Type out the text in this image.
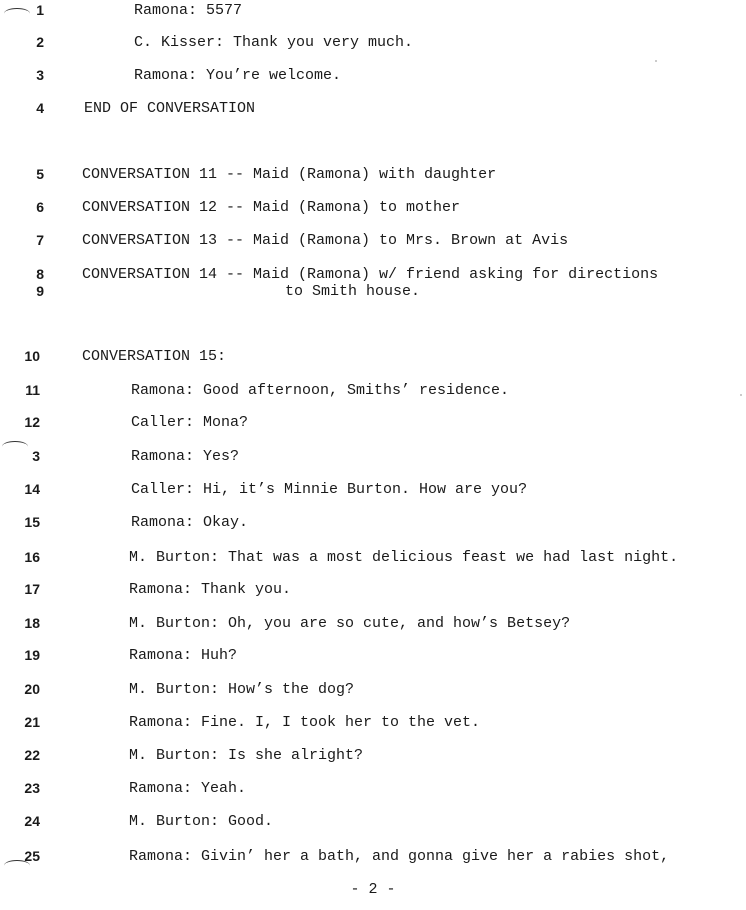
1	Ramona: 5577
2	C. Kisser: Thank you very much.
3	Ramona: You’re welcome.
4	END OF CONVERSATION
5	CONVERSATION 11 -- Maid (Ramona) with daughter
6	CONVERSATION 12 -- Maid (Ramona) to mother
7	CONVERSATION 13 -- Maid (Ramona) to Mrs. Brown at Avis
8	CONVERSATION 14 -- Maid (Ramona) w/ friend asking for directions
9	to Smith house.
10	CONVERSATION 15:
11	Ramona: Good afternoon, Smiths’ residence.
12	Caller: Mona?
3	Ramona: Yes?
14	Caller: Hi, it’s Minnie Burton. How are you?
15	Ramona: Okay.
16	M. Burton: That was a most delicious feast we had last night.
17	Ramona: Thank you.
18	M. Burton: Oh, you are so cute, and how’s Betsey?
19	Ramona: Huh?
20	M. Burton: How’s the dog?
21	Ramona: Fine. I, I took her to the vet.
22	M. Burton: Is she alright?
23	Ramona: Yeah.
24	M. Burton: Good.
25	Ramona: Givin’ her a bath, and gonna give her a rabies shot,
- 2 -
